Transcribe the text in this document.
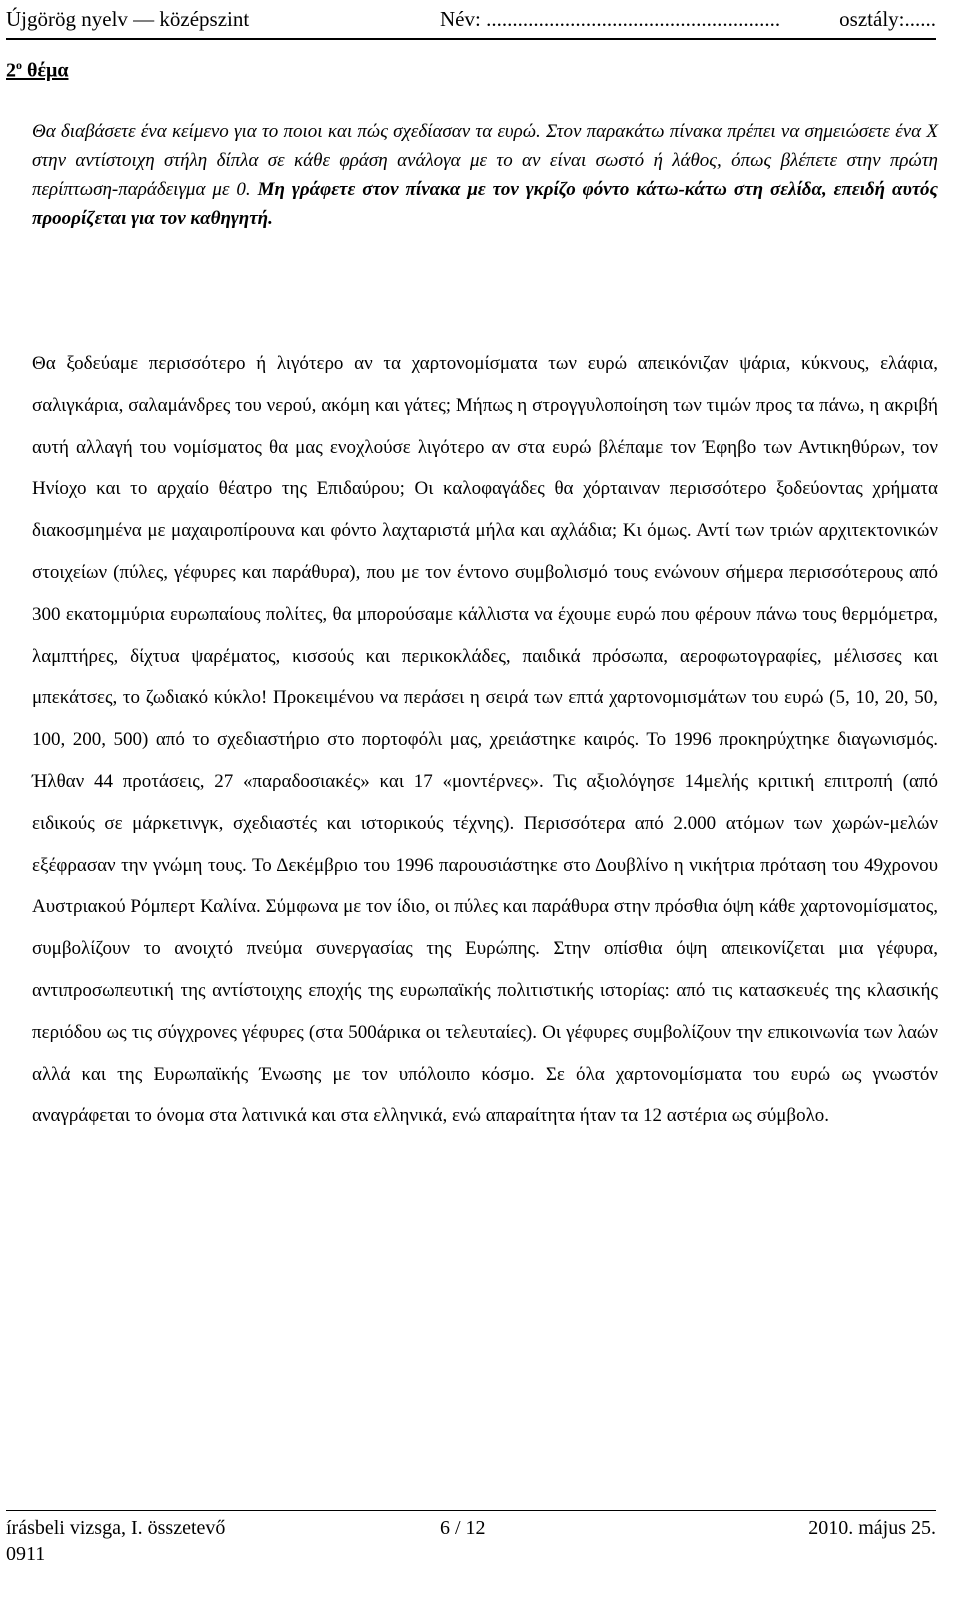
Újgörög nyelv — középszint	Név: ........................................................	osztály:......
2$^o$ θέμα

Θα διαβάσετε ένα κείμενο για το ποιοι και πώς σχεδίασαν τα ευρώ. Στον παρακάτω πίνακα πρέπει να σημειώσετε ένα X στην αντίστοιχη στήλη δίπλα σε κάθε φράση ανάλογα με το αν είναι σωστό ή λάθος, όπως βλέπετε στην πρώτη περίπτωση-παράδειγμα με 0. Μη γράφετε στον πίνακα με τον γκρίζο φόντο κάτω-κάτω στη σελίδα, επειδή αυτός προορίζεται για τον καθηγητή.

Θα ξοδεύαμε περισσότερο ή λιγότερο αν τα χαρτονομίσματα των ευρώ απεικόνιζαν ψάρια, κύκνους, ελάφια, σαλιγκάρια, σαλαμάνδρες του νερού, ακόμη και γάτες; Μήπως η στρογγυλοποίηση των τιμών προς τα πάνω, η ακριβή αυτή αλλαγή του νομίσματος θα μας ενοχλούσε λιγότερο αν στα ευρώ βλέπαμε τον Έφηβο των Αντικηθύρων, τον Ηνίοχο και το αρχαίο θέατρο της Επιδαύρου; Οι καλοφαγάδες θα χόρταιναν περισσότερο ξοδεύοντας χρήματα διακοσμημένα με μαχαιροπίρουνα και φόντο λαχταριστά μήλα και αχλάδια; Κι όμως. Αντί των τριών αρχιτεκτονικών στοιχείων (πύλες, γέφυρες και παράθυρα), που με τον έντονο συμβολισμό τους ενώνουν σήμερα περισσότερους από 300 εκατομμύρια ευρωπαίους πολίτες, θα μπορούσαμε κάλλιστα να έχουμε ευρώ που φέρουν πάνω τους θερμόμετρα, λαμπτήρες, δίχτυα ψαρέματος, κισσούς και περικοκλάδες, παιδικά πρόσωπα, αεροφωτογραφίες, μέλισσες και μπεκάτσες, το ζωδιακό κύκλο! Προκειμένου να περάσει η σειρά των επτά χαρτονομισμάτων του ευρώ (5, 10, 20, 50, 100, 200, 500) από το σχεδιαστήριο στο πορτοφόλι μας, χρειάστηκε καιρός. Το 1996 προκηρύχτηκε διαγωνισμός. Ήλθαν 44 προτάσεις, 27 «παραδοσιακές» και 17 «μοντέρνες». Τις αξιολόγησε 14μελής κριτική επιτροπή (από ειδικούς σε μάρκετινγκ, σχεδιαστές και ιστορικούς τέχνης). Περισσότερα από 2.000 ατόμων των χωρών-μελών εξέφρασαν την γνώμη τους. Το Δεκέμβριο του 1996 παρουσιάστηκε στο Δουβλίνο η νικήτρια πρόταση του 49χρονου Αυστριακού Ρόμπερτ Καλίνα. Σύμφωνα με τον ίδιο, οι πύλες και παράθυρα στην πρόσθια όψη κάθε χαρτονομίσματος, συμβολίζουν το ανοιχτό πνεύμα συνεργασίας της Ευρώπης. Στην οπίσθια όψη απεικονίζεται μια γέφυρα, αντιπροσωπευτική της αντίστοιχης εποχής της ευρωπαϊκής πολιτιστικής ιστορίας: από τις κατασκευές της κλασικής περιόδου ως τις σύγχρονες γέφυρες (στα 500άρικα οι τελευταίες). Οι γέφυρες συμβολίζουν την επικοινωνία των λαών αλλά και της Ευρωπαϊκής Ένωσης με τον υπόλοιπο κόσμο. Σε όλα χαρτονομίσματα του ευρώ ως γνωστόν αναγράφεται το όνομα στα λατινικά και στα ελληνικά, ενώ απαραίτητα ήταν τα 12 αστέρια ως σύμβολο.

írásbeli vizsga, I. összetevő	6 / 12	2010. május 25.
0911
